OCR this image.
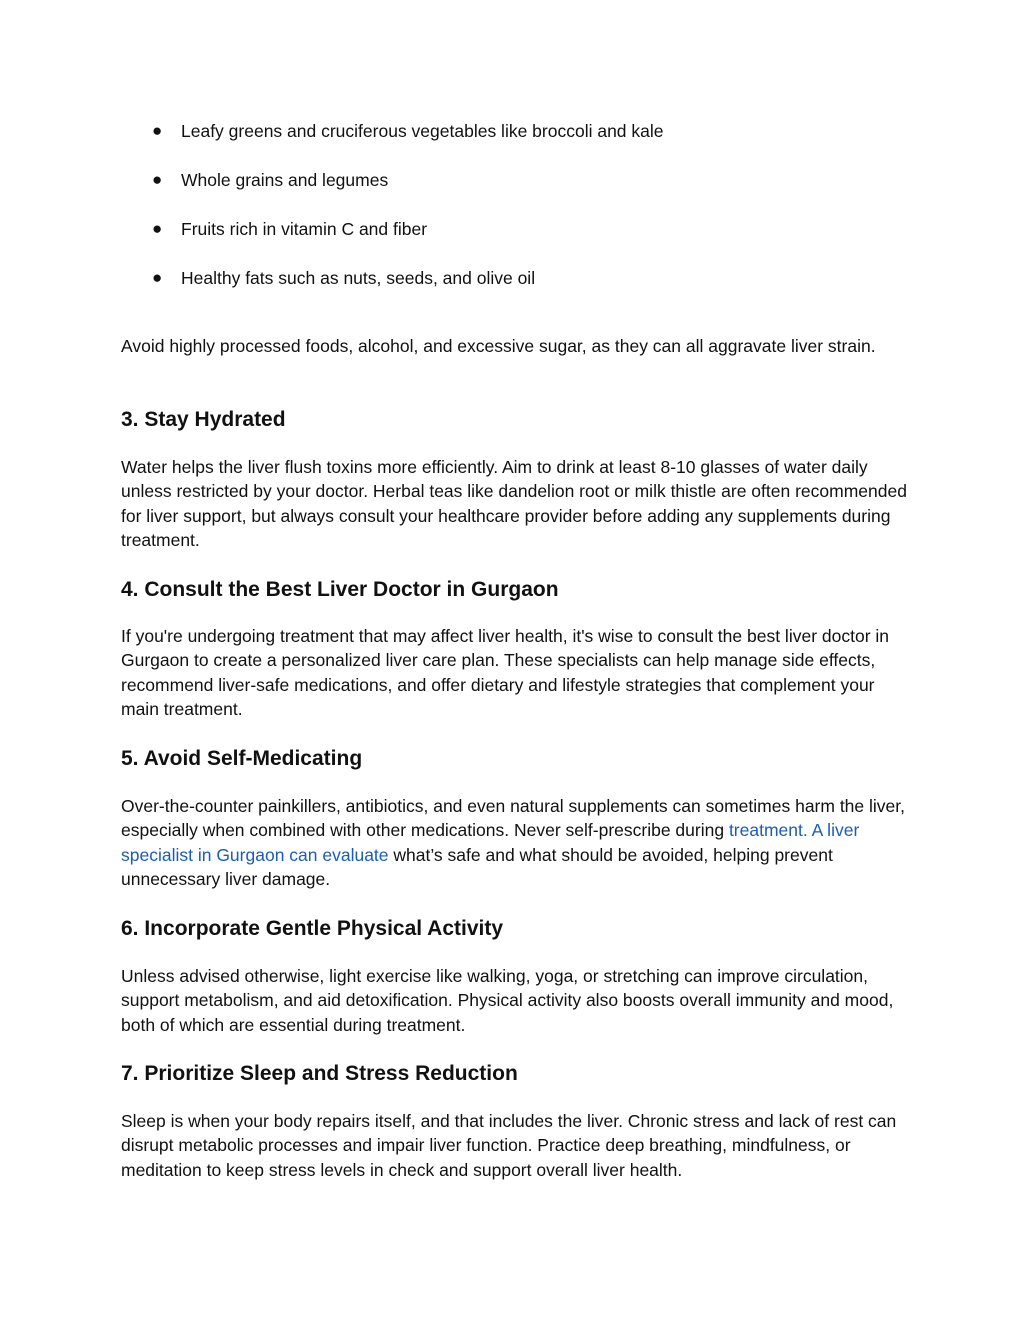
● Leafy greens and cruciferous vegetables like broccoli and kale
● Whole grains and legumes
● Fruits rich in vitamin C and fiber
● Healthy fats such as nuts, seeds, and olive oil

Avoid highly processed foods, alcohol, and excessive sugar, as they can all aggravate liver strain.

3. Stay Hydrated

Water helps the liver flush toxins more efficiently. Aim to drink at least 8-10 glasses of water daily unless restricted by your doctor. Herbal teas like dandelion root or milk thistle are often recommended for liver support, but always consult your healthcare provider before adding any supplements during treatment.

4. Consult the Best Liver Doctor in Gurgaon

If you're undergoing treatment that may affect liver health, it's wise to consult the best liver doctor in Gurgaon to create a personalized liver care plan. These specialists can help manage side effects, recommend liver-safe medications, and offer dietary and lifestyle strategies that complement your main treatment.

5. Avoid Self-Medicating

Over-the-counter painkillers, antibiotics, and even natural supplements can sometimes harm the liver, especially when combined with other medications. Never self-prescribe during treatment. A liver specialist in Gurgaon can evaluate what’s safe and what should be avoided, helping prevent unnecessary liver damage.

6. Incorporate Gentle Physical Activity

Unless advised otherwise, light exercise like walking, yoga, or stretching can improve circulation, support metabolism, and aid detoxification. Physical activity also boosts overall immunity and mood, both of which are essential during treatment.

7. Prioritize Sleep and Stress Reduction

Sleep is when your body repairs itself, and that includes the liver. Chronic stress and lack of rest can disrupt metabolic processes and impair liver function. Practice deep breathing, mindfulness, or meditation to keep stress levels in check and support overall liver health.
